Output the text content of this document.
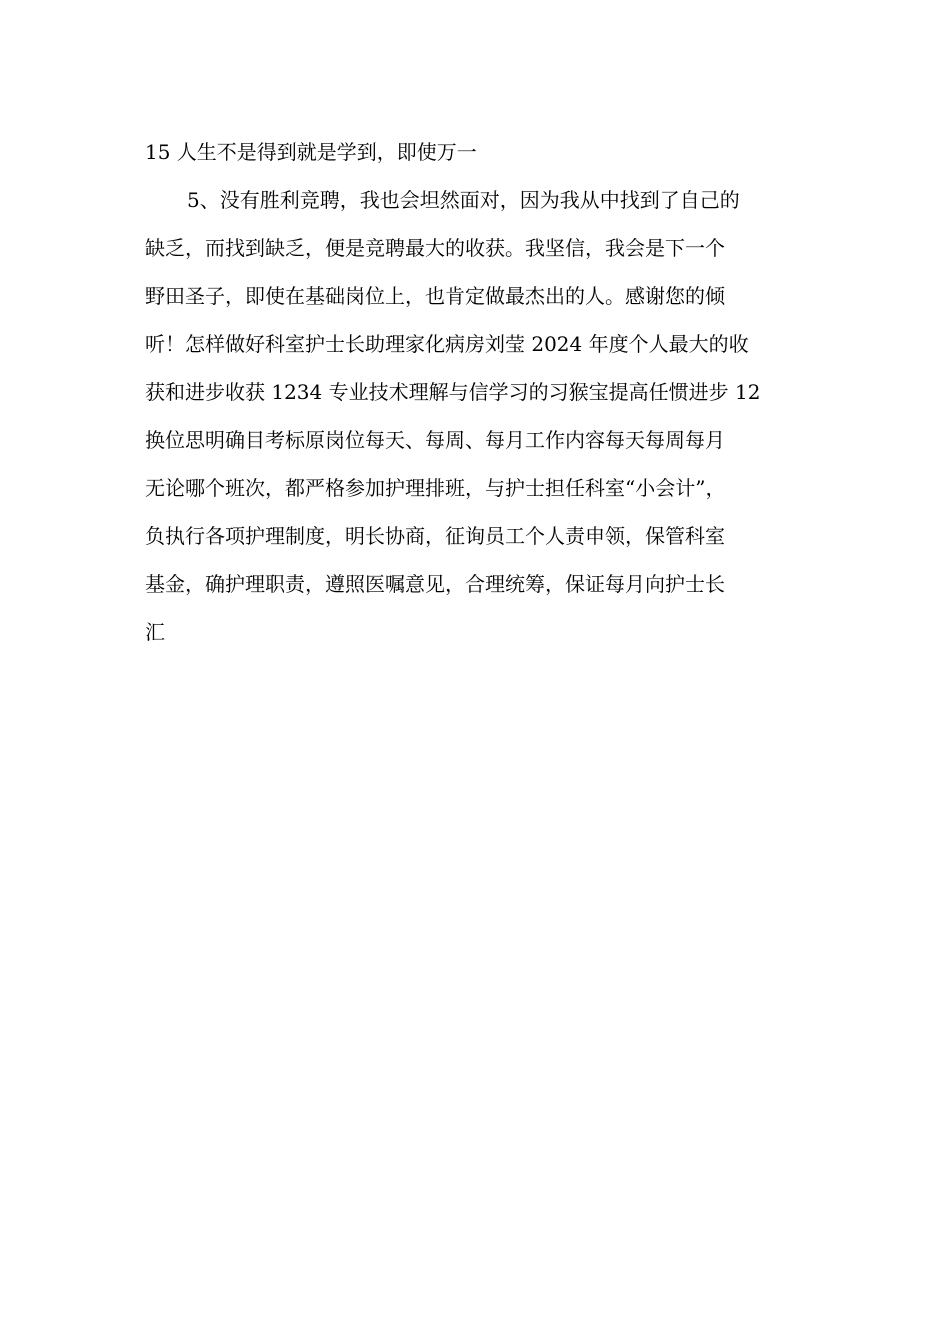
15 人生不是得到就是学到，即使万一
5、没有胜利竞聘，我也会坦然面对，因为我从中找到了自己的
缺乏，而找到缺乏，便是竞聘最大的收获。我坚信，我会是下一个
野田圣子，即使在基础岗位上，也肯定做最杰出的人。感谢您的倾
听！怎样做好科室护士长助理家化病房刘莹 2024 年度个人最大的收
获和进步收获 1234 专业技术理解与信学习的习猴宝提高任惯进步 12
换位思明确目考标原岗位每天、每周、每月工作内容每天每周每月
无论哪个班次，都严格参加护理排班，与护士担任科室“小会计”，
负执行各项护理制度，明长协商，征询员工个人责申领，保管科室
基金，确护理职责，遵照医嘱意见，合理统筹，保证每月向护士长
汇
